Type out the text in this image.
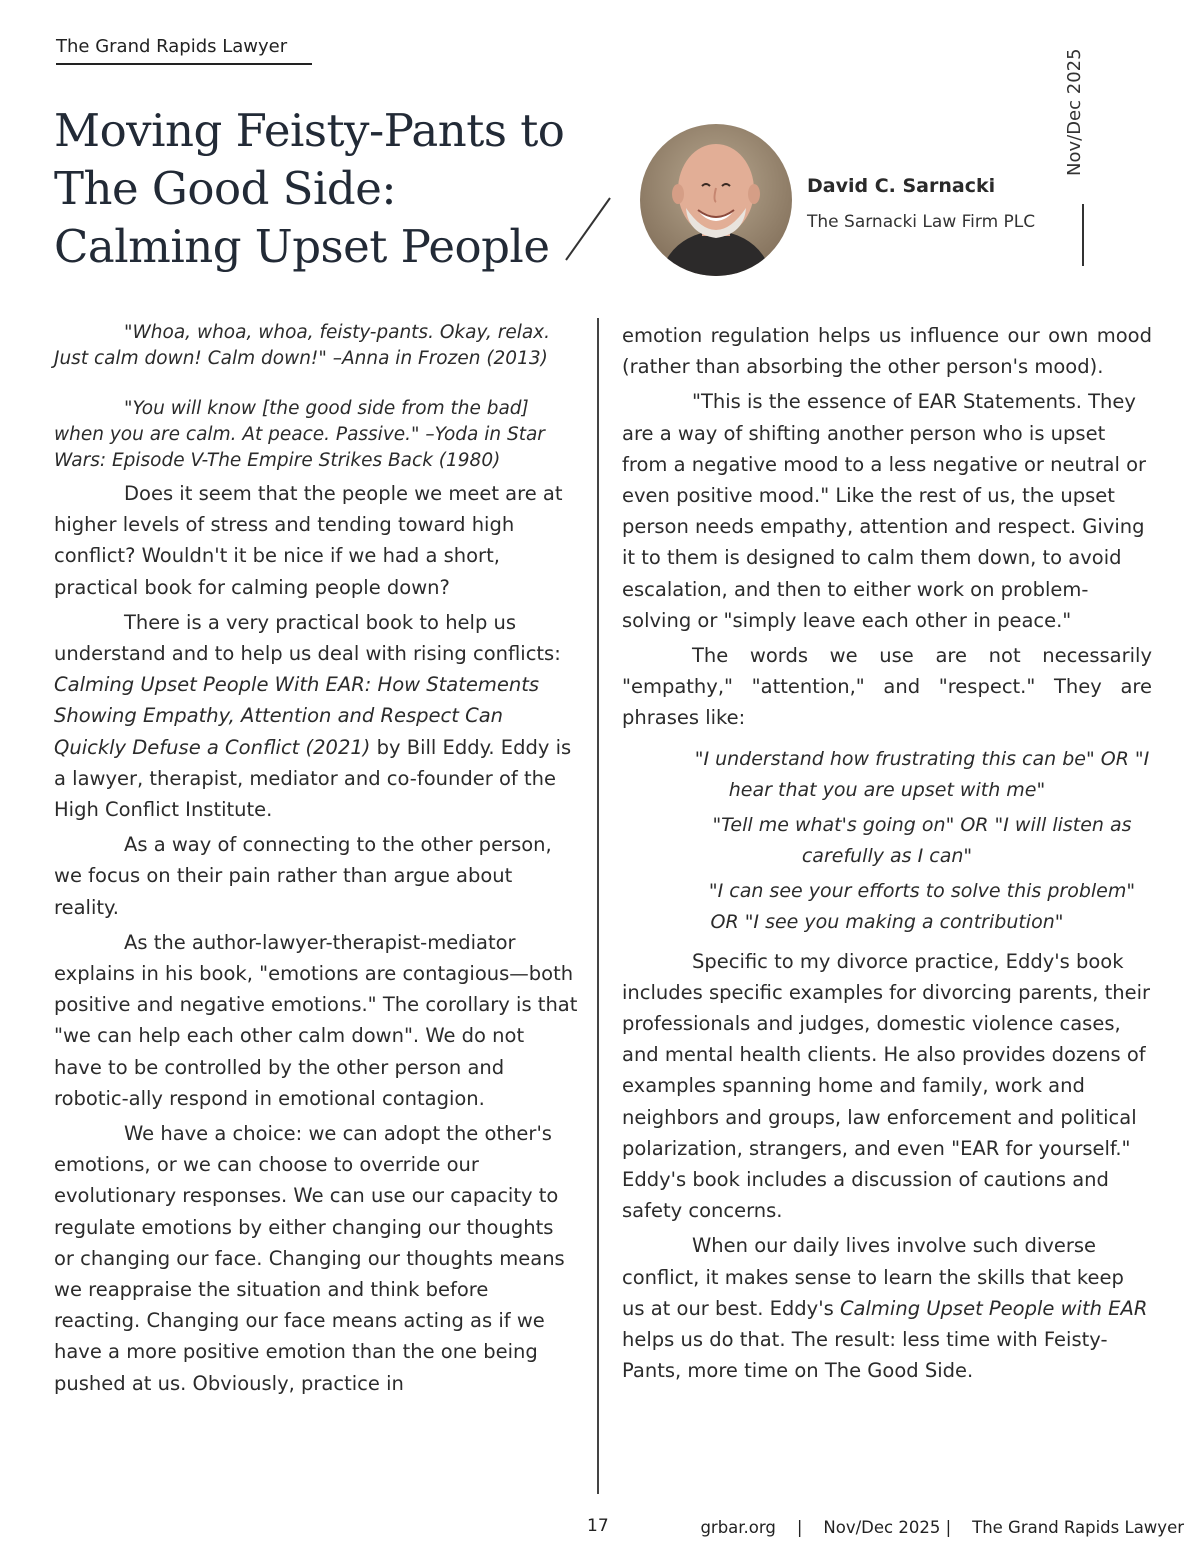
The Grand Rapids Lawyer
Moving Feisty-Pants to The Good Side: Calming Upset People
David C. Sarnacki
The Sarnacki Law Firm PLC
Nov/Dec 2025

"Whoa, whoa, whoa, feisty-pants. Okay, relax. Just calm down! Calm down!" –Anna in Frozen (2013)

"You will know [the good side from the bad] when you are calm. At peace. Passive." –Yoda in Star Wars: Episode V-The Empire Strikes Back (1980)

Does it seem that the people we meet are at higher levels of stress and tending toward high conflict? Wouldn't it be nice if we had a short, practical book for calming people down?

There is a very practical book to help us understand and to help us deal with rising conflicts: Calming Upset People With EAR: How Statements Showing Empathy, Attention and Respect Can Quickly Defuse a Conflict (2021) by Bill Eddy. Eddy is a lawyer, therapist, mediator and co-founder of the High Conflict Institute.

As a way of connecting to the other person, we focus on their pain rather than argue about reality.

As the author-lawyer-therapist-mediator explains in his book, "emotions are contagious—both positive and negative emotions." The corollary is that "we can help each other calm down". We do not have to be controlled by the other person and robotic-ally respond in emotional contagion.

We have a choice: we can adopt the other's emotions, or we can choose to override our evolutionary responses. We can use our capacity to regulate emotions by either changing our thoughts or changing our face. Changing our thoughts means we reappraise the situation and think before reacting. Changing our face means acting as if we have a more positive emotion than the one being pushed at us. Obviously, practice in

emotion regulation helps us influence our own mood (rather than absorbing the other person's mood).

"This is the essence of EAR Statements. They are a way of shifting another person who is upset from a negative mood to a less negative or neutral or even positive mood." Like the rest of us, the upset person needs empathy, attention and respect. Giving it to them is designed to calm them down, to avoid escalation, and then to either work on problem-solving or "simply leave each other in peace."

The words we use are not necessarily "empathy," "attention," and "respect." They are phrases like:

"I understand how frustrating this can be" OR "I hear that you are upset with me"

"Tell me what's going on" OR "I will listen as carefully as I can"

"I can see your efforts to solve this problem" OR "I see you making a contribution"

Specific to my divorce practice, Eddy's book includes specific examples for divorcing parents, their professionals and judges, domestic violence cases, and mental health clients. He also provides dozens of examples spanning home and family, work and neighbors and groups, law enforcement and political polarization, strangers, and even "EAR for yourself." Eddy's book includes a discussion of cautions and safety concerns.

When our daily lives involve such diverse conflict, it makes sense to learn the skills that keep us at our best. Eddy's Calming Upset People with EAR helps us do that. The result: less time with Feisty-Pants, more time on The Good Side.

17	grbar.org | Nov/Dec 2025 | The Grand Rapids Lawyer
